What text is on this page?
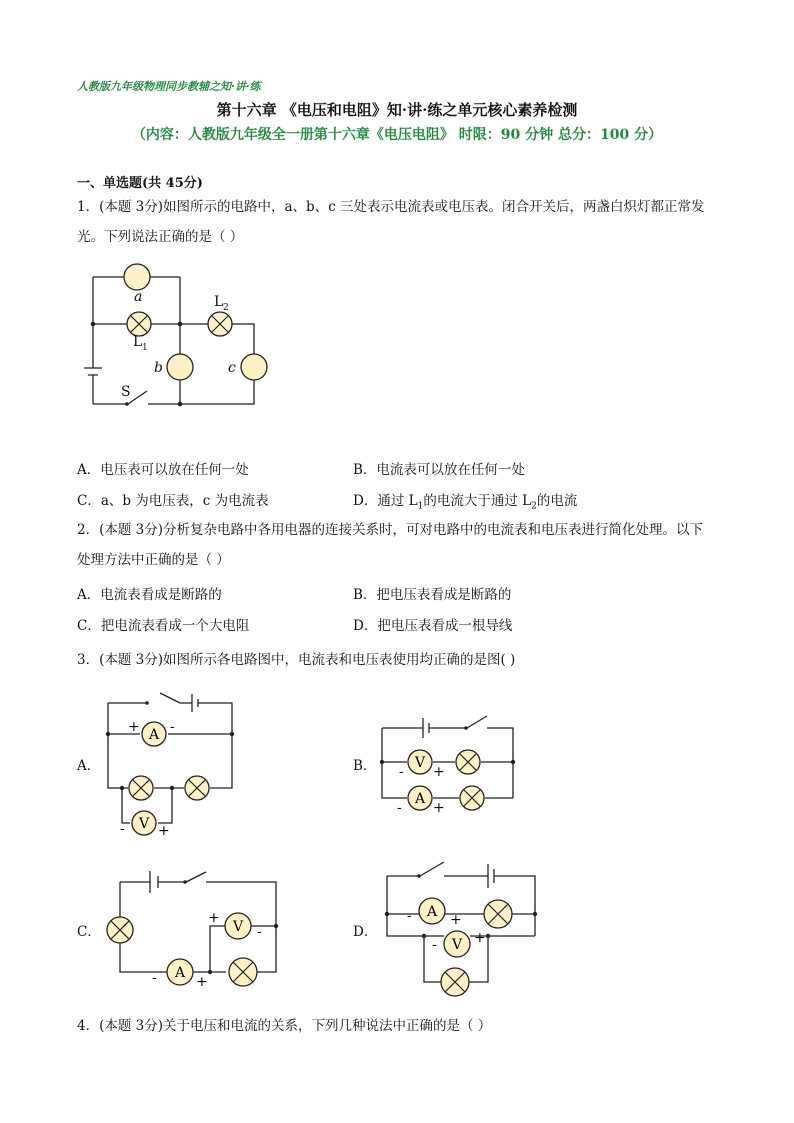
人教版九年级物理同步教辅之知·讲·练
第十六章 《电压和电阻》知·讲·练之单元核心素养检测
（内容：人教版九年级全一册第十六章《电压电阻》 时限：90 分钟 总分：100 分）
一、单选题(共 45分)
1．(本题 3分)如图所示的电路中，a、b、c 三处表示电流表或电压表。闭合开关后，两盏白炽灯都正常发
光。下列说法正确的是（ ）
a	L 2
L 1
b	c
S
A．电压表可以放在任何一处	B．电流表可以放在任何一处
C．a、b 为电压表，c 为电流表	D．通过 $L_1$的电流大于通过 $L_2$的电流
2．(本题 3分)分析复杂电路中各用电器的连接关系时，可对电路中的电流表和电压表进行简化处理。以下
处理方法中正确的是（ ）
A．电流表看成是断路的	B．把电压表看成是断路的
C．把电流表看成一个大电阻	D．把电压表看成一根导线
3．(本题 3分)如图所示各电路图中，电流表和电压表使用均正确的是图( )
A．
A
V
+ -
- +
B．	V
A
- +
- +
C．	V
A
+
-
-	+
D．
A
V
-	+
-	+
4．(本题 3分)关于电压和电流的关系，下列几种说法中正确的是（ ）
